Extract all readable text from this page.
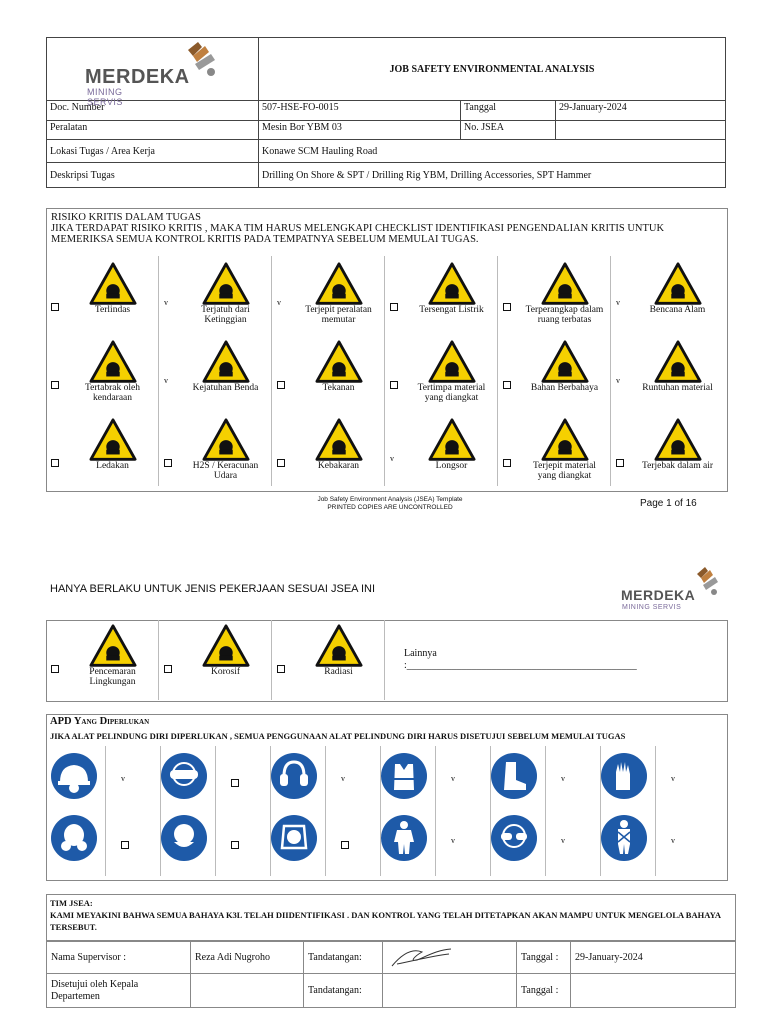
MERDEKA
MINING SERVIS	JOB SAFETY ENVIRONMENTAL ANALYSIS		
Doc. Number	507-HSE-FO-0015	Tanggal	29-January-2024
Peralatan	Mesin Bor YBM 03	No. JSEA	
Lokasi Tugas / Area Kerja	Konawe SCM Hauling Road		
Deskripsi Tugas	Drilling On Shore & SPT / Drilling Rig YBM, Drilling Accessories, SPT Hammer		
RISIKO KRITIS DALAM TUGAS
JIKA TERDAPAT RISIKO KRITIS , MAKA TIM HARUS MELENGKAPI CHECKLIST IDENTIFIKASI PENGENDALIAN KRITIS UNTUK
MEMERIKSA SEMUA KONTROL KRITIS PADA TEMPATNYA SEBELUM MEMULAI TUGAS.
Terlindas
v
Terjatuh dari
Ketinggian
v
Terjepit peralatan
memutar
Tersengat Listrik	Terperangkap dalam
ruang terbatas
v
Bencana Alam
Tertabrak oleh
kendaraan
v
Kejatuhan Benda	Tekanan	Tertimpa material
yang diangkat
Bahan Berbahaya
v
Runtuhan material
Ledakan	H2S / Keracunan
Udara
Kebakaran
v
Longsor	Terjepit material
yang diangkat
Terjebak dalam air
Job Safety Environment Analysis (JSEA) Template
PRINTED COPIES ARE UNCONTROLLED	Page 1 of 16
HANYA BERLAKU UNTUK JENIS PEKERJAAN SESUAI JSEA INI	MERDEKA
MINING SERVIS
Pencemaran
Lingkungan
Korosif	Radiasi
Lainnya
:______________________________________________
APD Yang Diperlukan
JIKA ALAT PELINDUNG DIRI DIPERLUKAN , SEMUA PENGGUNAAN ALAT PELINDUNG DIRI HARUS DISETUJUI SEBELUM MEMULAI TUGAS
v	v	v	v	v
v	v	v
TIM JSEA:
KAMI MEYAKINI BAHWA SEMUA BAHAYA K3L TELAH DIIDENTIFIKASI . DAN KONTROL YANG TELAH DITETAPKAN AKAN MAMPU UNTUK MENGELOLA BAHAYA TERSEBUT.
Nama Supervisor :	Reza Adi Nugroho	Tandatangan:		Tanggal :	29-January-2024

Disetujui oleh Kepala
Departemen		Tandatangan:		Tanggal :	
